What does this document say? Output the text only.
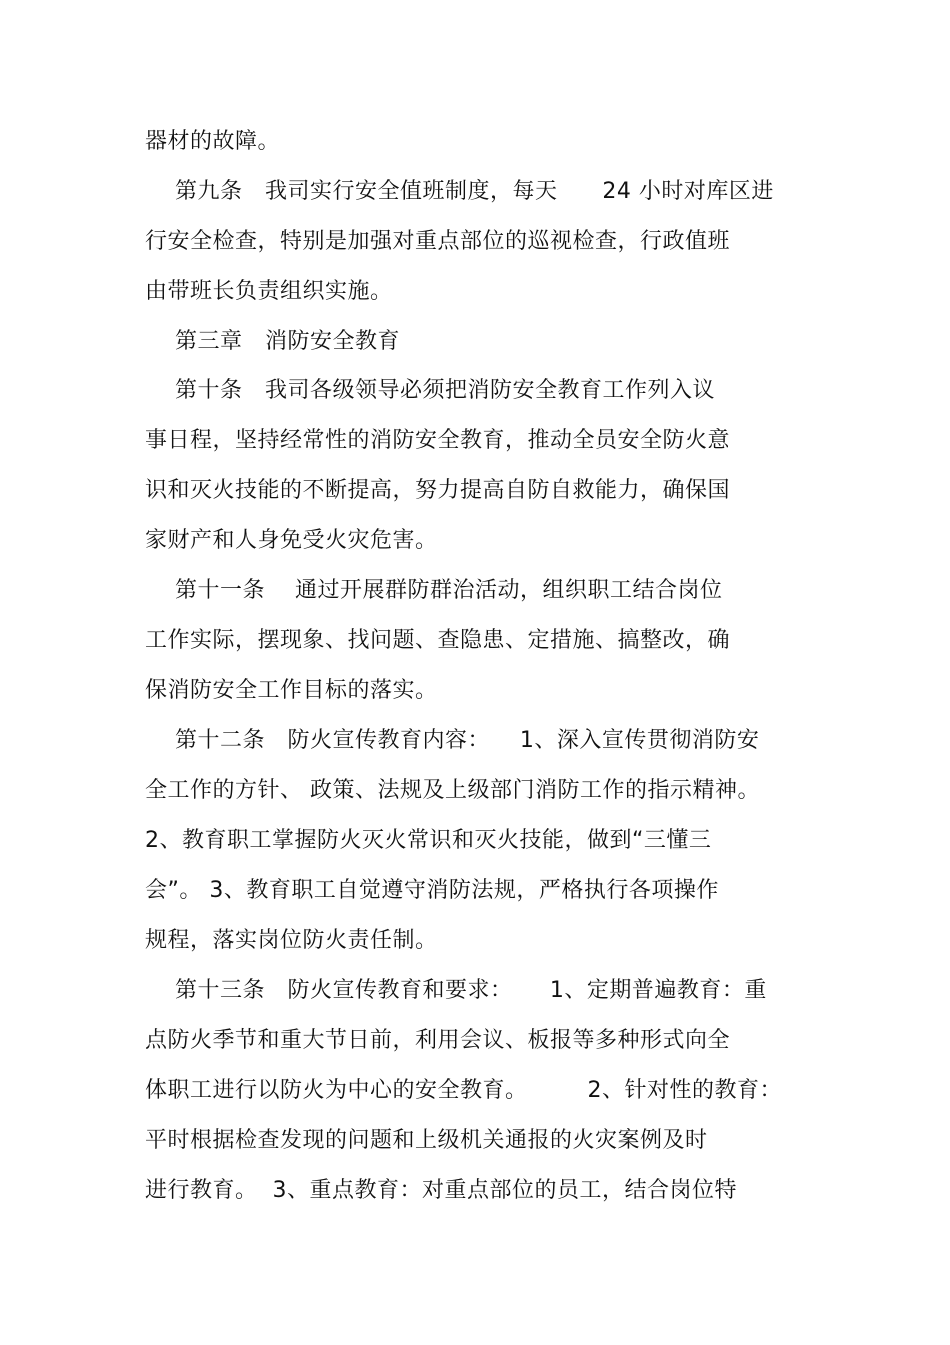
器材的故障。
第九条   我司实行安全值班制度，每天      24 小时对库区进
行安全检查，特别是加强对重点部位的巡视检查，行政值班
由带班长负责组织实施。
第三章   消防安全教育
第十条   我司各级领导必须把消防安全教育工作列入议
事日程，坚持经常性的消防安全教育，推动全员安全防火意
识和灭火技能的不断提高，努力提高自防自救能力，确保国
家财产和人身免受火灾危害。
第十一条    通过开展群防群治活动，组织职工结合岗位
工作实际，摆现象、找问题、查隐患、定措施、搞整改，确
保消防安全工作目标的落实。
第十二条   防火宣传教育内容：    1、深入宣传贯彻消防安
全工作的方针、 政策、法规及上级部门消防工作的指示精神。
2、教育职工掌握防火灭火常识和灭火技能，做到“三懂三
会”。 3、教育职工自觉遵守消防法规，严格执行各项操作
规程，落实岗位防火责任制。
第十三条   防火宣传教育和要求：     1、定期普遍教育：重
点防火季节和重大节日前，利用会议、板报等多种形式向全
体职工进行以防火为中心的安全教育。        2、针对性的教育：
平时根据检查发现的问题和上级机关通报的火灾案例及时
进行教育。  3、重点教育：对重点部位的员工，结合岗位特
